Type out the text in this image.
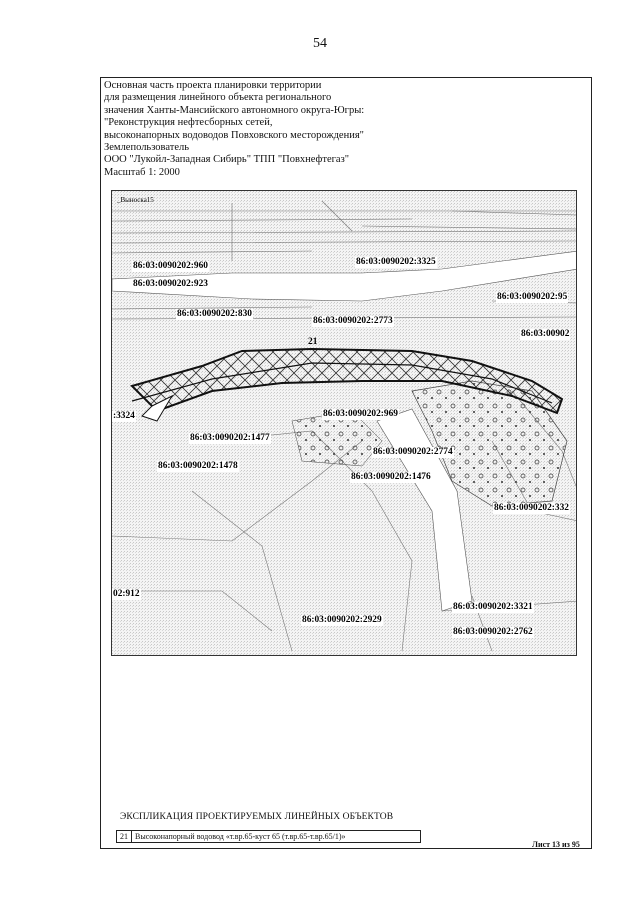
54
Основная часть проекта планировки территории
для размещения линейного объекта регионального
значения Ханты-Мансийского автономного округа-Югры:
"Реконструкция нефтесборных сетей,
высоконапорных водоводов Повховского месторождения"
Землепользователь
ООО "Лукойл-Западная Сибирь" ТПП "Повхнефтегаз"
Масштаб 1: 2000
_Выноска15
21
86:03:0090202:960	86:03:0090202:3325
86:03:0090202:923
86:03:0090202:95
86:03:0090202:830
86:03:0090202:2773
86:03:00902
:3324	86:03:0090202:969
86:03:0090202:1477
86:03:0090202:2774
86:03:0090202:1478
86:03:0090202:1476
86:03:0090202:332
02:912
86:03:0090202:3321
86:03:0090202:2929
86:03:0090202:2762
ЭКСПЛИКАЦИЯ ПРОЕКТИРУЕМЫХ ЛИНЕЙНЫХ ОБЪЕКТОВ
21 Высоконапорный водовод «т.вр.65-куст 65 (т.вр.65-т.вр.65/1)»
Лист 13 из 95
